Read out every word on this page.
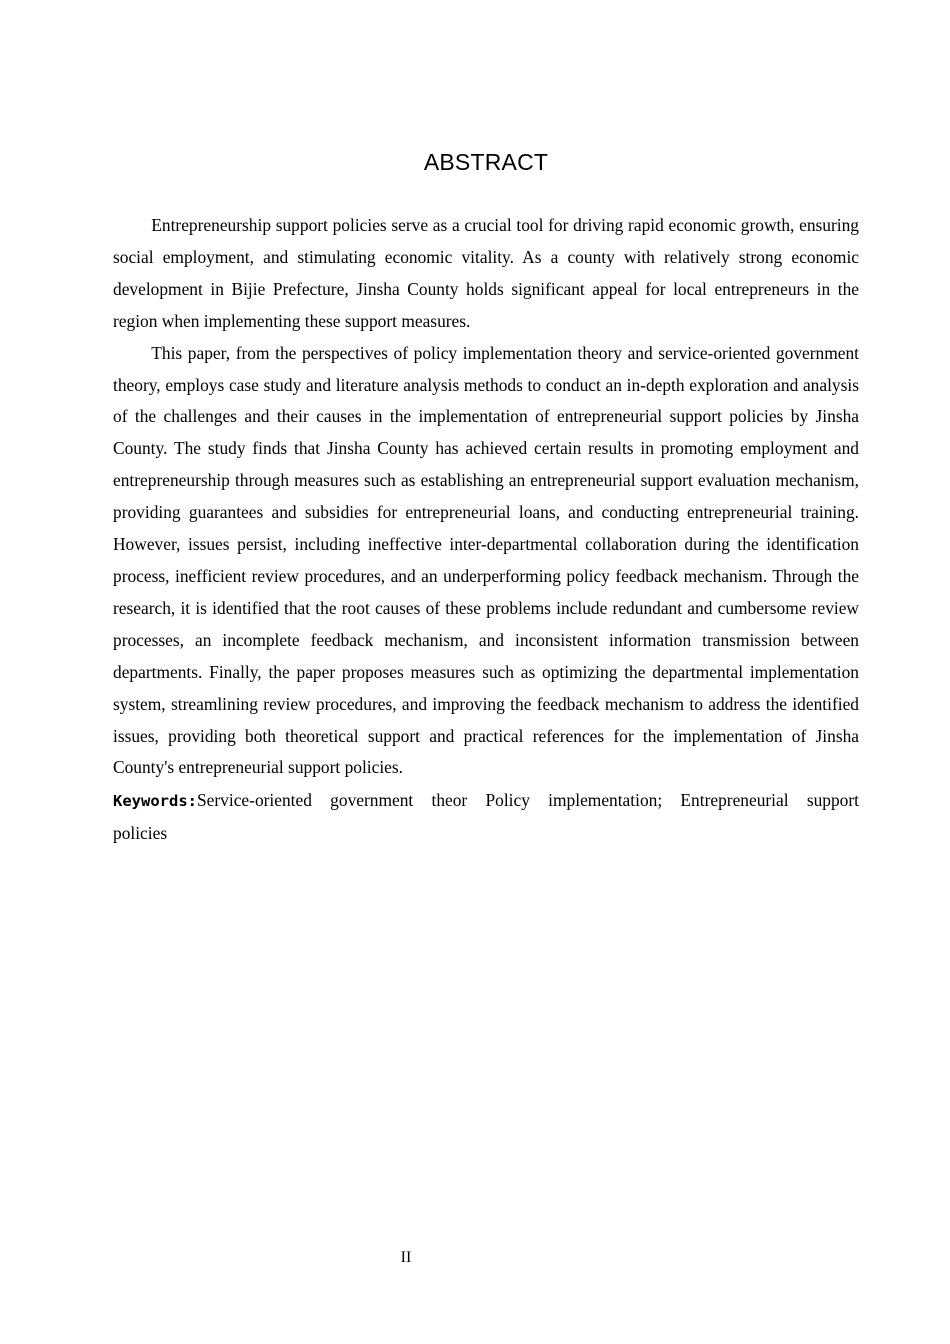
ABSTRACT

Entrepreneurship support policies serve as a crucial tool for driving rapid economic growth, ensuring social employment, and stimulating economic vitality. As a county with relatively strong economic development in Bijie Prefecture, Jinsha County holds significant appeal for local entrepreneurs in the region when implementing these support measures.

This paper, from the perspectives of policy implementation theory and service-oriented government theory, employs case study and literature analysis methods to conduct an in-depth exploration and analysis of the challenges and their causes in the implementation of entrepreneurial support policies by Jinsha County. The study finds that Jinsha County has achieved certain results in promoting employment and entrepreneurship through measures such as establishing an entrepreneurial support evaluation mechanism, providing guarantees and subsidies for entrepreneurial loans, and conducting entrepreneurial training. However, issues persist, including ineffective inter-departmental collaboration during the identification process, inefficient review procedures, and an underperforming policy feedback mechanism. Through the research, it is identified that the root causes of these problems include redundant and cumbersome review processes, an incomplete feedback mechanism, and inconsistent information transmission between departments. Finally, the paper proposes measures such as optimizing the departmental implementation system, streamlining review procedures, and improving the feedback mechanism to address the identified issues, providing both theoretical support and practical references for the implementation of Jinsha County's entrepreneurial support policies.

Keywords:Service-oriented government theor Policy implementation; Entrepreneurial support policies

II
